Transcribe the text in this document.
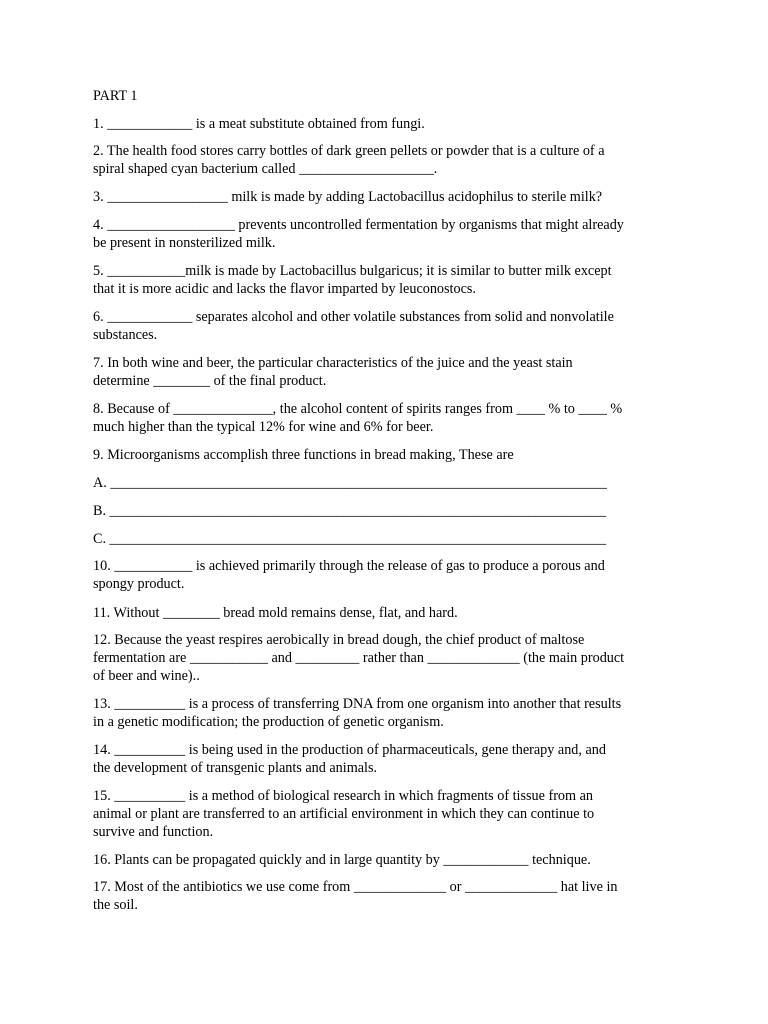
PART 1
1. ____________ is a meat substitute obtained from fungi.
2. The health food stores carry bottles of dark green pellets or powder that is a culture of a
spiral shaped cyan bacterium called ___________________.
3. _________________ milk is made by adding Lactobacillus acidophilus to sterile milk?
4. __________________ prevents uncontrolled fermentation by organisms that might already
be present in nonsterilized milk.
5. ___________milk is made by Lactobacillus bulgaricus; it is similar to butter milk except
that it is more acidic and lacks the flavor imparted by leuconostocs.
6. ____________ separates alcohol and other volatile substances from solid and nonvolatile
substances.
7. In both wine and beer, the particular characteristics of the juice and the yeast stain
determine ________ of the final product.
8. Because of ______________, the alcohol content of spirits ranges from ____ % to ____ %
much higher than the typical 12% for wine and 6% for beer.
9. Microorganisms accomplish three functions in bread making, These are
A. ______________________________________________________________________
B. ______________________________________________________________________
C. ______________________________________________________________________
10. ___________ is achieved primarily through the release of gas to produce a porous and
spongy product.
11. Without ________ bread mold remains dense, flat, and hard.
12. Because the yeast respires aerobically in bread dough, the chief product of maltose
fermentation are ___________ and _________ rather than _____________ (the main product
of beer and wine)..
13. __________ is a process of transferring DNA from one organism into another that results
in a genetic modification; the production of genetic organism.
14. __________ is being used in the production of pharmaceuticals, gene therapy and, and
the development of transgenic plants and animals.
15. __________ is a method of biological research in which fragments of tissue from an
animal or plant are transferred to an artificial environment in which they can continue to
survive and function.
16. Plants can be propagated quickly and in large quantity by ____________ technique.
17. Most of the antibiotics we use come from _____________ or _____________ hat live in
the soil.
